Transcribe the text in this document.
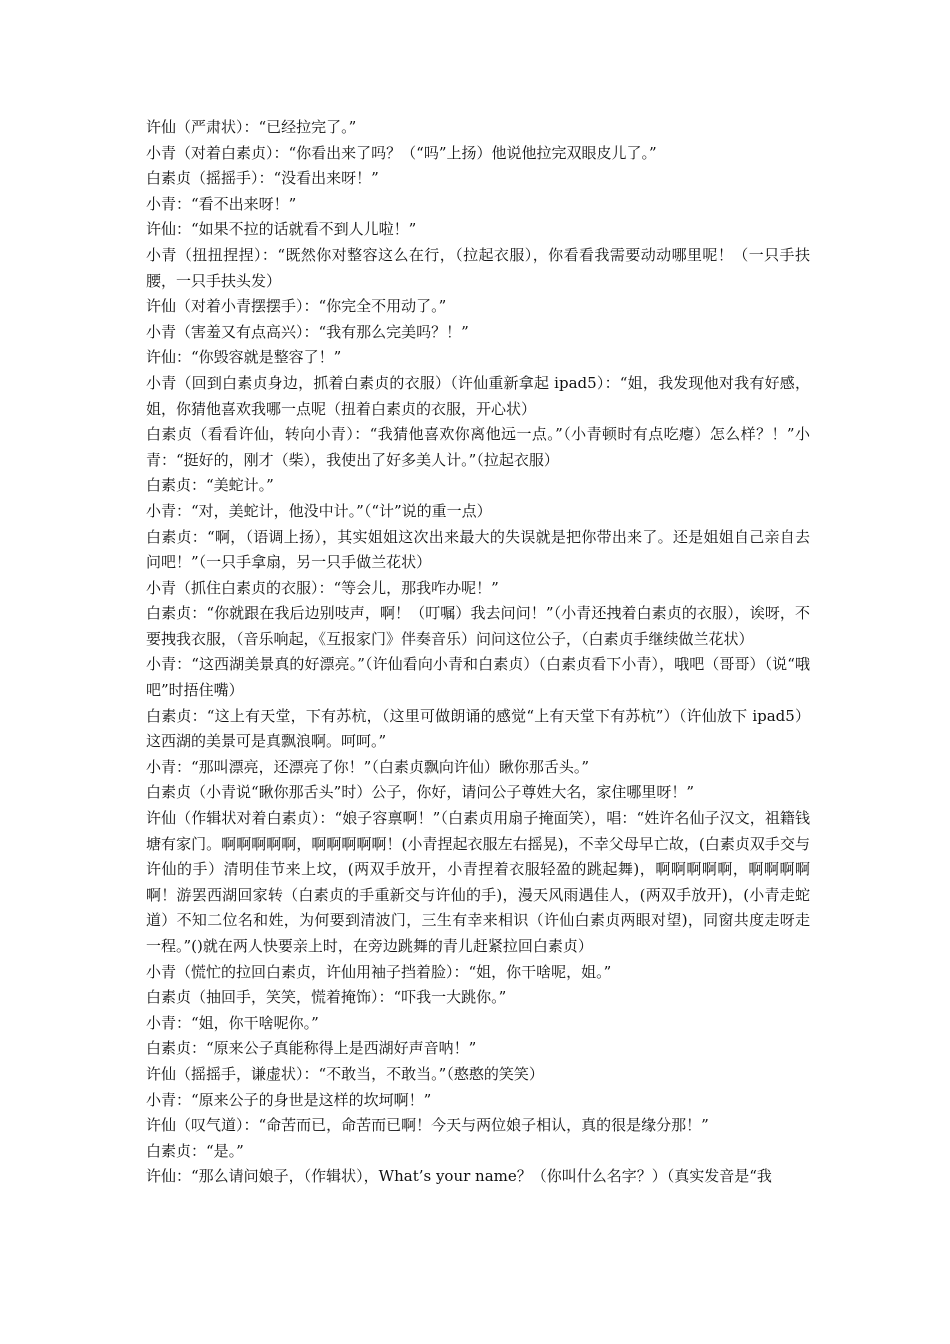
许仙（严肃状）：“已经拉完了。”

小青（对着白素贞）：“你看出来了吗？（“吗”上扬）他说他拉完双眼皮儿了。”

白素贞（摇摇手）：“没看出来呀！”

小青：“看不出来呀！”

许仙：“如果不拉的话就看不到人儿啦！”

小青（扭扭捏捏）：“既然你对整容这么在行，（拉起衣服），你看看我需要动动哪里呢！（一只手扶腰，一只手扶头发）

许仙（对着小青摆摆手）：“你完全不用动了。”

小青（害羞又有点高兴）：“我有那么完美吗？！”

许仙：“你毁容就是整容了！”

小青（回到白素贞身边，抓着白素贞的衣服）（许仙重新拿起 ipad5）：“姐，我发现他对我有好感，姐，你猜他喜欢我哪一点呢（扭着白素贞的衣服，开心状）

白素贞（看看许仙，转向小青）：“我猜他喜欢你离他远一点。”（小青顿时有点吃瘪）怎么样？！”小青：“挺好的，刚才（柴），我使出了好多美人计。”（拉起衣服）

白素贞：“美蛇计。”

小青：“对，美蛇计，他没中计。”（“计”说的重一点）

白素贞：“啊，（语调上扬），其实姐姐这次出来最大的失误就是把你带出来了。还是姐姐自己亲自去问吧！”（一只手拿扇，另一只手做兰花状）

小青（抓住白素贞的衣服）：“等会儿，那我咋办呢！”

白素贞：“你就跟在我后边别吱声，啊！（叮嘱）我去问问！”（小青还拽着白素贞的衣服），诶呀，不要拽我衣服，（音乐响起，《互报家门》伴奏音乐）问问这位公子，（白素贞手继续做兰花状）

小青：“这西湖美景真的好漂亮。”（许仙看向小青和白素贞）（白素贞看下小青），哦吧（哥哥）（说“哦吧”时捂住嘴）

白素贞：“这上有天堂，下有苏杭，（这里可做朗诵的感觉“上有天堂下有苏杭”）（许仙放下 ipad5）这西湖的美景可是真飘浪啊。呵呵。”

小青：“那叫漂亮，还漂亮了你！”（白素贞飘向许仙）瞅你那舌头。”

白素贞（小青说“瞅你那舌头”时）公子，你好，请问公子尊姓大名，家住哪里呀！”

许仙（作辑状对着白素贞）：“娘子容禀啊！”（白素贞用扇子掩面笑），唱：“姓许名仙子汉文，祖籍钱塘有家门。啊啊啊啊啊，啊啊啊啊啊！(小青捏起衣服左右摇晃)，不幸父母早亡故，(白素贞双手交与许仙的手）清明佳节来上坟，(两双手放开，小青捏着衣服轻盈的跳起舞)，啊啊啊啊啊，啊啊啊啊啊！游罢西湖回家转（白素贞的手重新交与许仙的手)，漫天风雨遇佳人，(两双手放开)，(小青走蛇道）不知二位名和姓，为何要到清波门，三生有幸来相识（许仙白素贞两眼对望)，同窗共度走呀走一程。”()就在两人快要亲上时，在旁边跳舞的青儿赶紧拉回白素贞）

小青（慌忙的拉回白素贞，许仙用袖子挡着脸）：“姐，你干啥呢，姐。”

白素贞（抽回手，笑笑，慌着掩饰）：“吓我一大跳你。”

小青：“姐，你干啥呢你。”

白素贞：“原来公子真能称得上是西湖好声音呐！”

许仙（摇摇手，谦虚状）：“不敢当，不敢当。”（憨憨的笑笑）

小青：“原来公子的身世是这样的坎坷啊！”

许仙（叹气道）：“命苦而已，命苦而已啊！今天与两位娘子相认，真的很是缘分那！”

白素贞：“是。”

许仙：“那么请问娘子，（作辑状），What’s your name？（你叫什么名字？）（真实发音是“我
